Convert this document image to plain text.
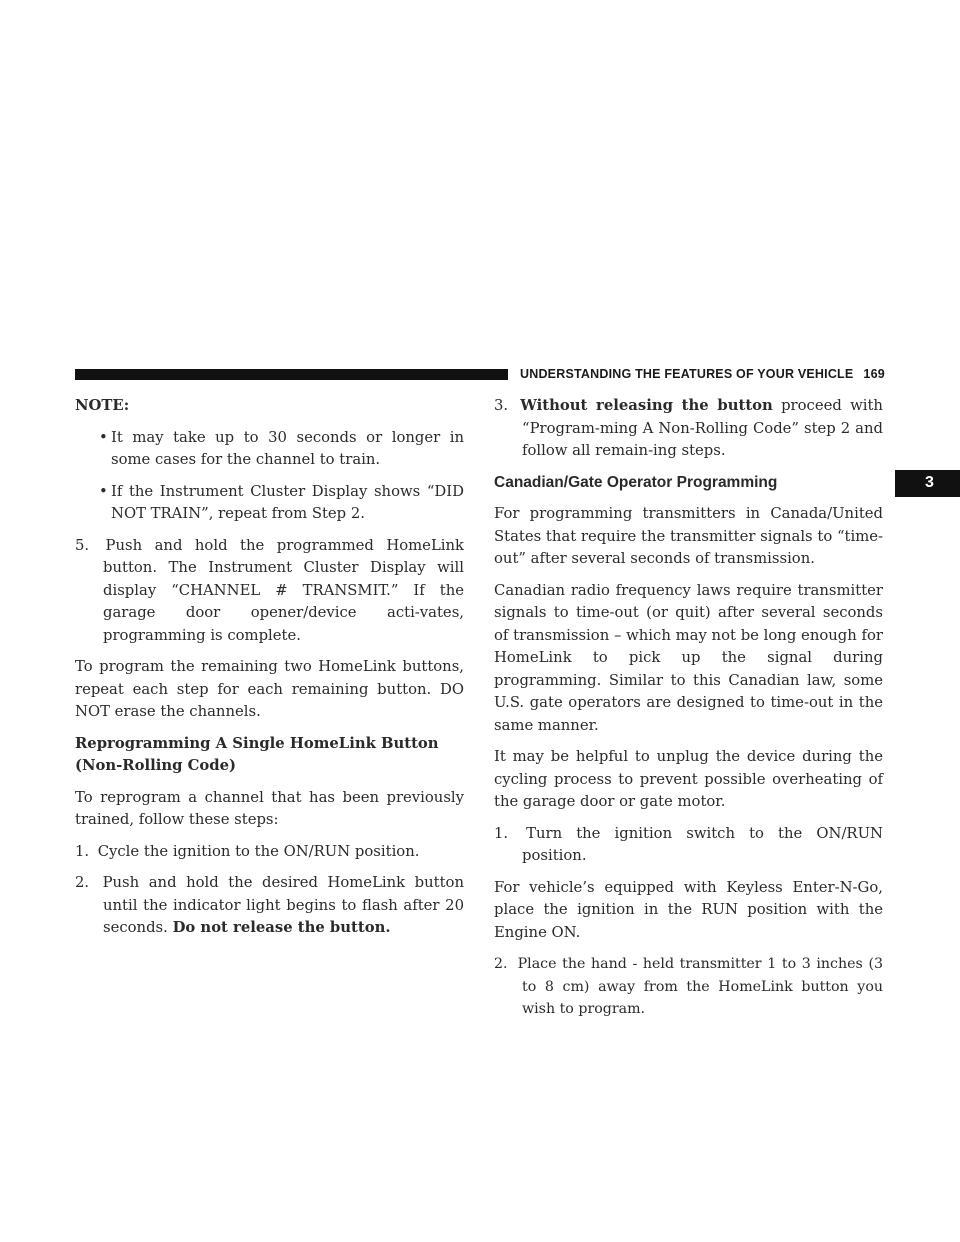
UNDERSTANDING THE FEATURES OF YOUR VEHICLE 169
3

NOTE:

• It may take up to 30 seconds or longer in some cases for the channel to train.

• If the Instrument Cluster Display shows “DID NOT TRAIN”, repeat from Step 2.

5. Push and hold the programmed HomeLink button. The Instrument Cluster Display will display “CHANNEL # TRANSMIT.” If the garage door opener/device acti-vates, programming is complete.

To program the remaining two HomeLink buttons, repeat each step for each remaining button. DO NOT erase the channels.

Reprogramming A Single HomeLink Button
(Non-Rolling Code)

To reprogram a channel that has been previously trained, follow these steps:

1. Cycle the ignition to the ON/RUN position.

2. Push and hold the desired HomeLink button until the indicator light begins to flash after 20 seconds. Do not release the button.

3. Without releasing the button proceed with “Program-ming A Non-Rolling Code” step 2 and follow all remain-ing steps.

Canadian/Gate Operator Programming

For programming transmitters in Canada/United States that require the transmitter signals to “time-out” after several seconds of transmission.

Canadian radio frequency laws require transmitter signals to time-out (or quit) after several seconds of transmission – which may not be long enough for HomeLink to pick up the signal during programming. Similar to this Canadian law, some U.S. gate operators are designed to time-out in the same manner.

It may be helpful to unplug the device during the cycling process to prevent possible overheating of the garage door or gate motor.

1. Turn the ignition switch to the ON/RUN position.

For vehicle’s equipped with Keyless Enter-N-Go, place the ignition in the RUN position with the Engine ON.

2. Place the hand - held transmitter 1 to 3 inches (3 to 8 cm) away from the HomeLink button you wish to program.
